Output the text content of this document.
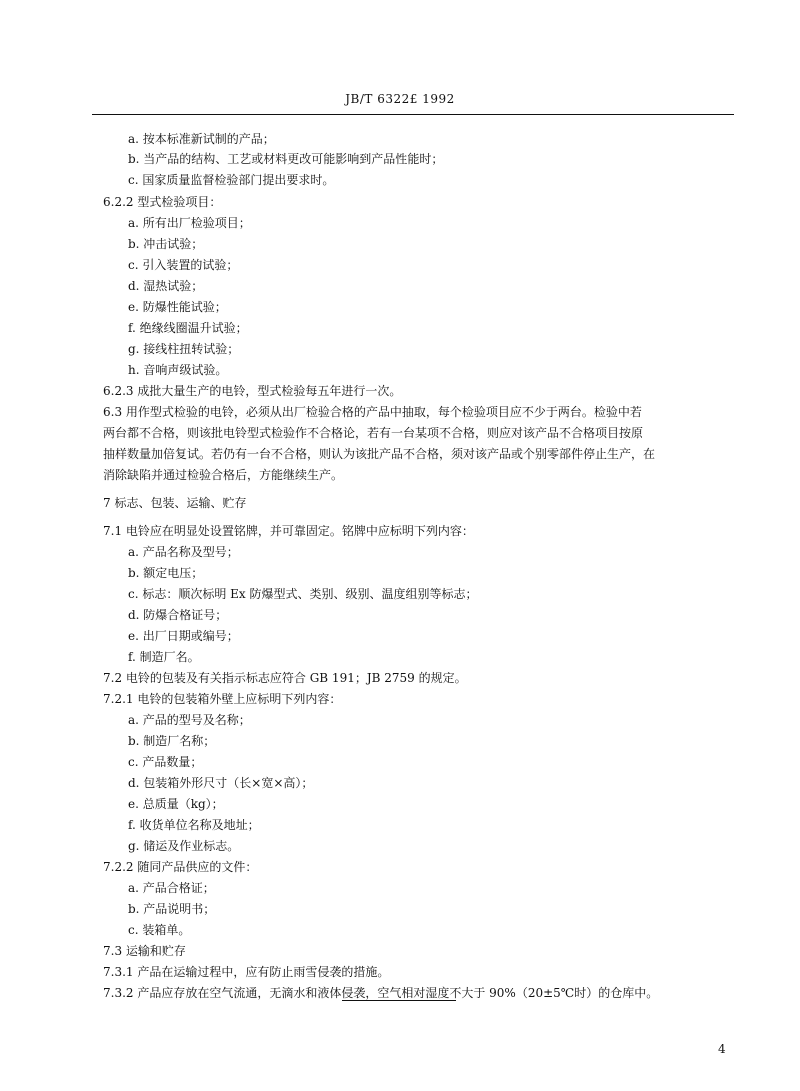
JB/T 6322£ 1992
a. 按本标准新试制的产品；
b. 当产品的结构、工艺或材料更改可能影响到产品性能时；
c. 国家质量监督检验部门提出要求时。
6.2.2 型式检验项目：
a. 所有出厂检验项目；
b. 冲击试验；
c. 引入装置的试验；
d. 湿热试验；
e. 防爆性能试验；
f. 绝缘线圈温升试验；
g. 接线柱扭转试验；
h. 音响声级试验。
6.2.3 成批大量生产的电铃，型式检验每五年进行一次。
6.3 用作型式检验的电铃，必须从出厂检验合格的产品中抽取，每个检验项目应不少于两台。检验中若
两台都不合格，则该批电铃型式检验作不合格论，若有一台某项不合格，则应对该产品不合格项目按原
抽样数量加倍复试。若仍有一台不合格，则认为该批产品不合格，须对该产品或个别零部件停止生产，在
消除缺陷并通过检验合格后，方能继续生产。
7 标志、包装、运输、贮存
7.1 电铃应在明显处设置铭牌，并可靠固定。铭牌中应标明下列内容：
a. 产品名称及型号；
b. 额定电压；
c. 标志：顺次标明 Ex 防爆型式、类别、级别、温度组别等标志；
d. 防爆合格证号；
e. 出厂日期或编号；
f. 制造厂名。
7.2 电铃的包装及有关指示标志应符合 GB 191；JB 2759 的规定。
7.2.1 电铃的包装箱外壁上应标明下列内容：
a. 产品的型号及名称；
b. 制造厂名称；
c. 产品数量；
d. 包装箱外形尺寸（长×宽×高）；
e. 总质量（kg）；
f. 收货单位名称及地址；
g. 储运及作业标志。
7.2.2 随同产品供应的文件：
a. 产品合格证；
b. 产品说明书；
c. 装箱单。
7.3 运输和贮存
7.3.1 产品在运输过程中，应有防止雨雪侵袭的措施。
7.3.2 产品应存放在空气流通，无滴水和液体侵袭，空气相对湿度不大于 90%（20±5℃时）的仓库中。
4
